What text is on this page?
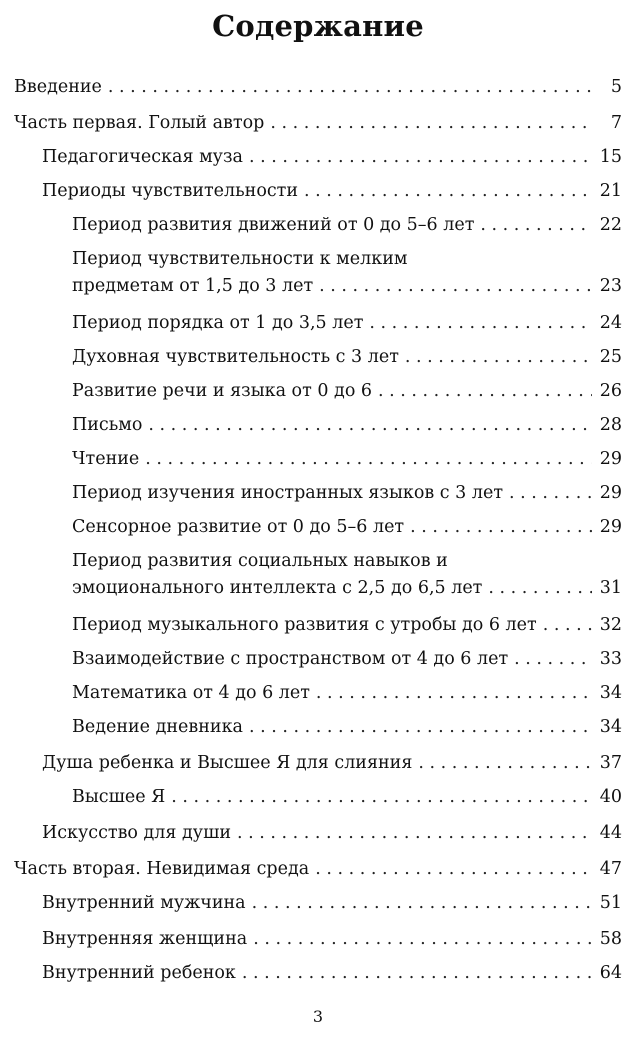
Содержание
Введение . . .	5
Часть первая. Голый автор . . .	7
Педагогическая муза . . .	15
Периоды чувствительности . . .	21
Период развития движений от 0 до 5–6 лет . . .	22
Период чувствительности к мелким
предметам от 1,5 до 3 лет . . .	23
Период порядка от 1 до 3,5 лет . . .	24
Духовная чувствительность с 3 лет . . .	25
Развитие речи и языка от 0 до 6 . . .	26
Письмо . . .	28
Чтение . . .	29
Период изучения иностранных языков с 3 лет . . .	29
Сенсорное развитие от 0 до 5–6 лет . . .	29
Период развития социальных навыков и
эмоционального интеллекта с 2,5 до 6,5 лет . . .	31
Период музыкального развития с утробы до 6 лет . . .	32
Взаимодействие с пространством от 4 до 6 лет . . .	33
Математика от 4 до 6 лет . . .	34
Ведение дневника . . .	34
Душа ребенка и Высшее Я для слияния . . .	37
Высшее Я . . .	40
Искусство для души . . .	44
Часть вторая. Невидимая среда . . .	47
Внутренний мужчина . . .	51
Внутренняя женщина . . .	58
Внутренний ребенок . . .	64
3
